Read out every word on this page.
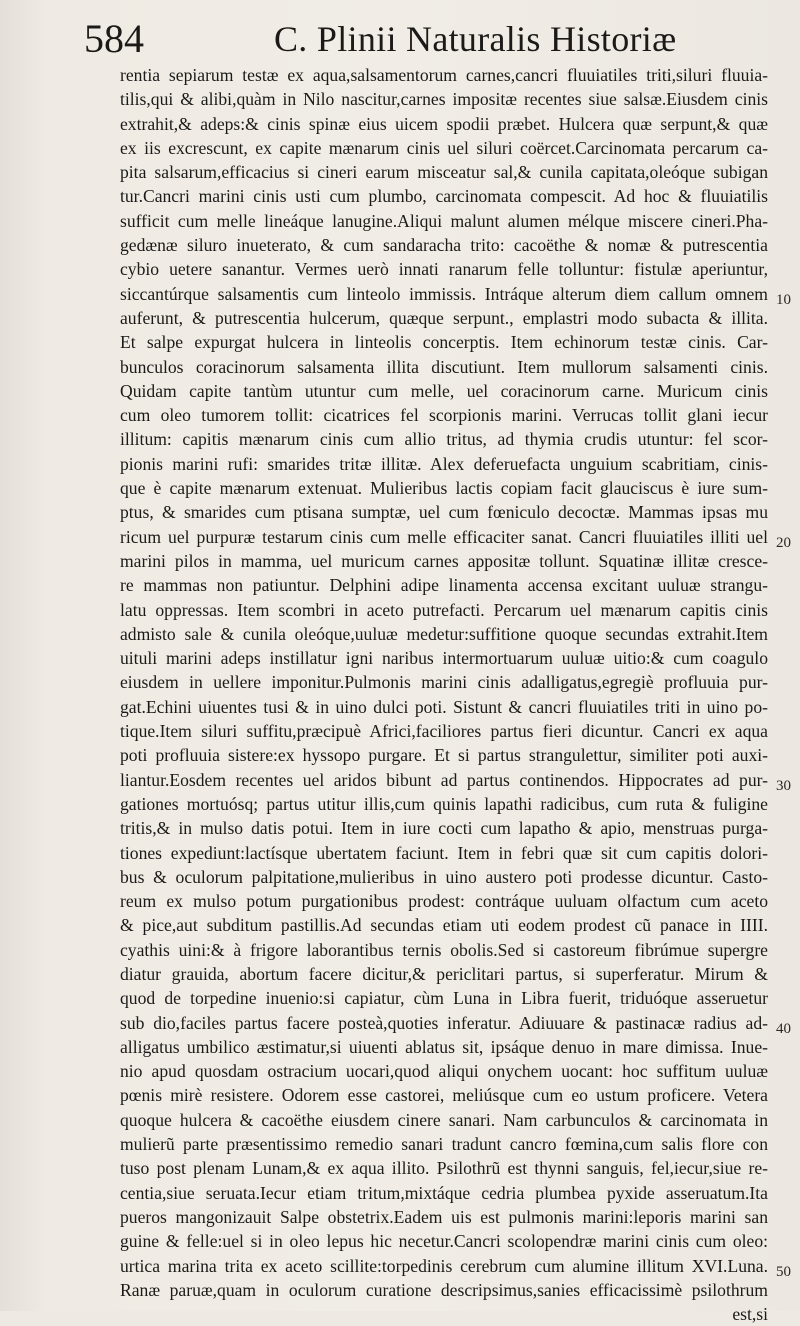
584	C. Plinii Naturalis Historiæ
rentia sepiarum testæ ex aqua,salsamentorum carnes,cancri fluuiatiles triti,siluri fluuia-
tilis,qui & alibi,quàm in Nilo nascitur,carnes impositæ recentes siue salsæ.Eiusdem cinis
extrahit,& adeps:& cinis spinæ eius uicem spodii præbet. Hulcera quæ serpunt,& quæ
ex iis excrescunt, ex capite mænarum cinis uel siluri coërcet.Carcinomata percarum ca-
pita salsarum,efficacius si cineri earum misceatur sal,& cunila capitata,oleóque subigan
tur.Cancri marini cinis usti cum plumbo, carcinomata compescit. Ad hoc & fluuiatilis
sufficit cum melle lineáque lanugine.Aliqui malunt alumen mélque miscere cineri.Pha-
gedænæ siluro inueterato, & cum sandaracha trito: cacoëthe & nomæ & putrescentia
cybio uetere sanantur. Vermes uerò innati ranarum felle tolluntur: fistulæ aperiuntur,
siccantúrque salsamentis cum linteolo immissis. Intráque alterum diem callum omnem
auferunt, & putrescentia hulcerum, quæque serpunt., emplastri modo subacta & illita.
Et salpe expurgat hulcera in linteolis concerptis. Item echinorum testæ cinis. Car-
bunculos coracinorum salsamenta illita discutiunt. Item mullorum salsamenti cinis.
Quidam capite tantùm utuntur cum melle, uel coracinorum carne. Muricum cinis
cum oleo tumorem tollit: cicatrices fel scorpionis marini. Verrucas tollit glani iecur
illitum: capitis mænarum cinis cum allio tritus, ad thymia crudis utuntur: fel scor-
pionis marini rufi: smarides tritæ illitæ. Alex deferuefacta unguium scabritiam, cinis-
que è capite mænarum extenuat. Mulieribus lactis copiam facit glauciscus è iure sum-
ptus, & smarides cum ptisana sumptæ, uel cum fœniculo decoctæ. Mammas ipsas mu
ricum uel purpuræ testarum cinis cum melle efficaciter sanat. Cancri fluuiatiles illiti uel
marini pilos in mamma, uel muricum carnes appositæ tollunt. Squatinæ illitæ cresce-
re mammas non patiuntur. Delphini adipe linamenta accensa excitant uuluæ strangu-
latu oppressas. Item scombri in aceto putrefacti. Percarum uel mænarum capitis cinis
admisto sale & cunila oleóque,uuluæ medetur:suffitione quoque secundas extrahit.Item
uituli marini adeps instillatur igni naribus intermortuarum uuluæ uitio:& cum coagulo
eiusdem in uellere imponitur.Pulmonis marini cinis adalligatus,egregiè profluuia pur-
gat.Echini uiuentes tusi & in uino dulci poti. Sistunt & cancri fluuiatiles triti in uino po-
tique.Item siluri suffitu,præcipuè Africi,faciliores partus fieri dicuntur. Cancri ex aqua
poti profluuia sistere:ex hyssopo purgare. Et si partus strangulettur, similiter poti auxi-
liantur.Eosdem recentes uel aridos bibunt ad partus continendos. Hippocrates ad pur-
gationes mortuósq; partus utitur illis,cum quinis lapathi radicibus, cum ruta & fuligine
tritis,& in mulso datis potui. Item in iure cocti cum lapatho & apio, menstruas purga-
tiones expediunt:lactísque ubertatem faciunt. Item in febri quæ sit cum capitis dolori-
bus & oculorum palpitatione,mulieribus in uino austero poti prodesse dicuntur. Casto-
reum ex mulso potum purgationibus prodest: contráque uuluam olfactum cum aceto
& pice,aut subditum pastillis.Ad secundas etiam uti eodem prodest cũ panace in IIII.
cyathis uini:& à frigore laborantibus ternis obolis.Sed si castoreum fibrúmue supergre
diatur grauida, abortum facere dicitur,& periclitari partus, si superferatur. Mirum &
quod de torpedine inuenio:si capiatur, cùm Luna in Libra fuerit, triduóque asseruetur
sub dio,faciles partus facere posteà,quoties inferatur. Adiuuare & pastinacæ radius ad-
alligatus umbilico æstimatur,si uiuenti ablatus sit, ipsáque denuo in mare dimissa. Inue-
nio apud quosdam ostracium uocari,quod aliqui onychem uocant: hoc suffitum uuluæ
pœnis mirè resistere. Odorem esse castorei, meliúsque cum eo ustum proficere. Vetera
quoque hulcera & cacoëthe eiusdem cinere sanari. Nam carbunculos & carcinomata in
mulierũ parte præsentissimo remedio sanari tradunt cancro fœmina,cum salis flore con
tuso post plenam Lunam,& ex aqua illito. Psilothrũ est thynni sanguis, fel,iecur,siue re-
centia,siue seruata.Iecur etiam tritum,mixtáque cedria plumbea pyxide asseruatum.Ita
pueros mangonizauit Salpe obstetrix.Eadem uis est pulmonis marini:leporis marini san
guine & felle:uel si in oleo lepus hic necetur.Cancri scolopendræ marini cinis cum oleo:
urtica marina trita ex aceto scillite:torpedinis cerebrum cum alumine illitum XVI.Luna.
Ranæ paruæ,quam in oculorum curatione descripsimus,sanies efficacissimè psilothrum
est,si
10
20
30
40
50
